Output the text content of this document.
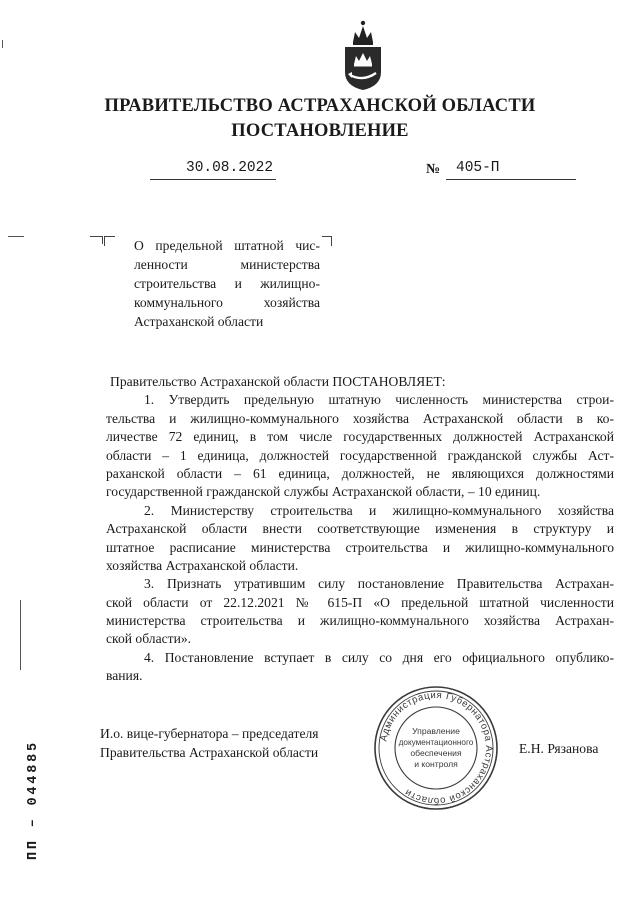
ПРАВИТЕЛЬСТВО АСТРАХАНСКОЙ ОБЛАСТИ
ПОСТАНОВЛЕНИЕ
30.08.2022	№ 405-П
О предельной штатной чис-
ленности министерства
строительства и жилищно-
коммунального хозяйства
Астраханской области
Правительство Астраханской области ПОСТАНОВЛЯЕТ:
1. Утвердить предельную штатную численность министерства строи-
тельства и жилищно-коммунального хозяйства Астраханской области в ко-
личестве 72 единиц, в том числе государственных должностей Астраханской
области – 1 единица, должностей государственной гражданской службы Аст-
раханской области – 61 единица, должностей, не являющихся должностями
государственной гражданской службы Астраханской области, – 10 единиц.
2. Министерству строительства и жилищно-коммунального хозяйства
Астраханской области внести соответствующие изменения в структуру и
штатное расписание министерства строительства и жилищно-коммунального
хозяйства Астраханской области.
3. Признать утратившим силу постановление Правительства Астрахан-
ской области от 22.12.2021 № 615-П «О предельной штатной численности
министерства строительства и жилищно-коммунального хозяйства Астрахан-
ской области».
4. Постановление вступает в силу со дня его официального опублико-
вания.
И.о. вице-губернатора – председателя
Правительства Астраханской области	Е.Н. Рязанова
Администрация Губернатора Астраханской области
Управление
документационного
обеспечения
и контроля
ПП – 044885
